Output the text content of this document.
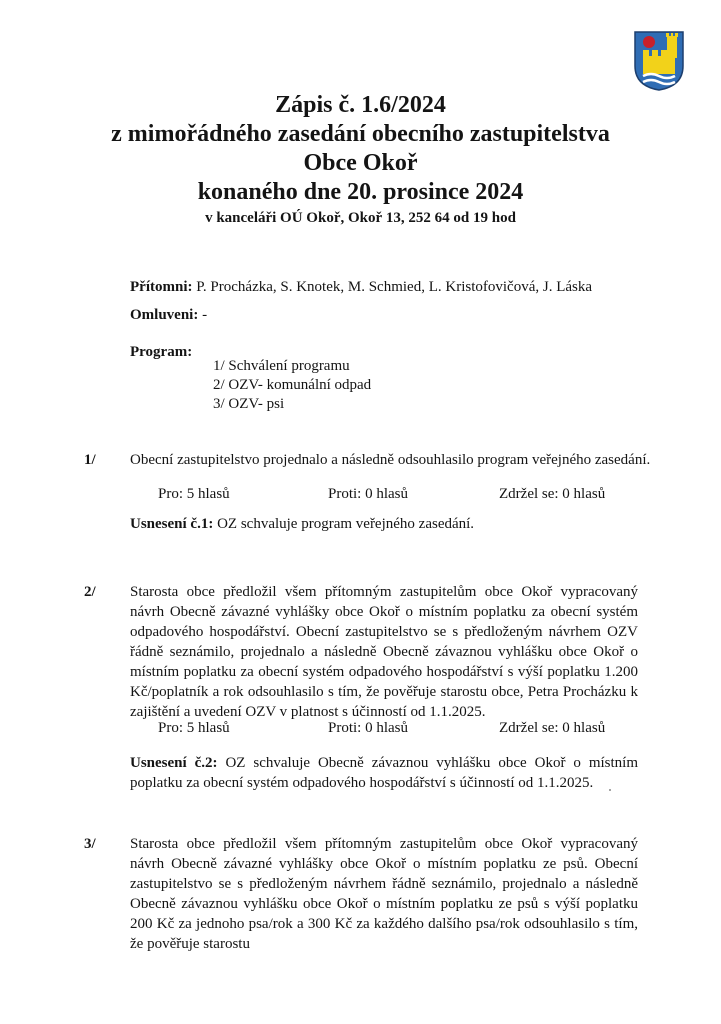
Zápis č. 1.6/2024
z mimořádného zasedání obecního zastupitelstva
Obce Okoř
konaného dne 20. prosince 2024
v kanceláři OÚ Okoř, Okoř 13, 252 64 od 19 hod
Přítomni: P. Procházka, S. Knotek, M. Schmied, L. Kristofovičová, J. Láska
Omluveni: -
Program:
1/ Schválení programu
2/ OZV- komunální odpad
3/ OZV- psi
1/ Obecní zastupitelstvo projednalo a následně odsouhlasilo program veřejného zasedání.
Pro: 5 hlasů	Proti: 0 hlasů	Zdržel se: 0 hlasů
Usnesení č.1: OZ schvaluje program veřejného zasedání.
2/ Starosta obce předložil všem přítomným zastupitelům obce Okoř vypracovaný návrh Obecně závazné vyhlášky obce Okoř o místním poplatku za obecní systém odpadového hospodářství. Obecní zastupitelstvo se s předloženým návrhem OZV řádně seznámilo, projednalo a následně Obecně závaznou vyhlášku obce Okoř o místním poplatku za obecní systém odpadového hospodářství s výší poplatku 1.200 Kč/poplatník a rok odsouhlasilo s tím, že pověřuje starostu obce, Petra Procházku k zajištění a uvedení OZV v platnost s účinností od 1.1.2025.
Pro: 5 hlasů	Proti: 0 hlasů	Zdržel se: 0 hlasů
Usnesení č.2: OZ schvaluje Obecně závaznou vyhlášku obce Okoř o místním poplatku za obecní systém odpadového hospodářství s účinností od 1.1.2025.
3/ Starosta obce předložil všem přítomným zastupitelům obce Okoř vypracovaný návrh Obecně závazné vyhlášky obce Okoř o místním poplatku ze psů. Obecní zastupitelstvo se s předloženým návrhem řádně seznámilo, projednalo a následně Obecně závaznou vyhlášku obce Okoř o místním poplatku ze psů s výší poplatku 200 Kč za jednoho psa/rok a 300 Kč za každého dalšího psa/rok odsouhlasilo s tím, že pověřuje starostu
